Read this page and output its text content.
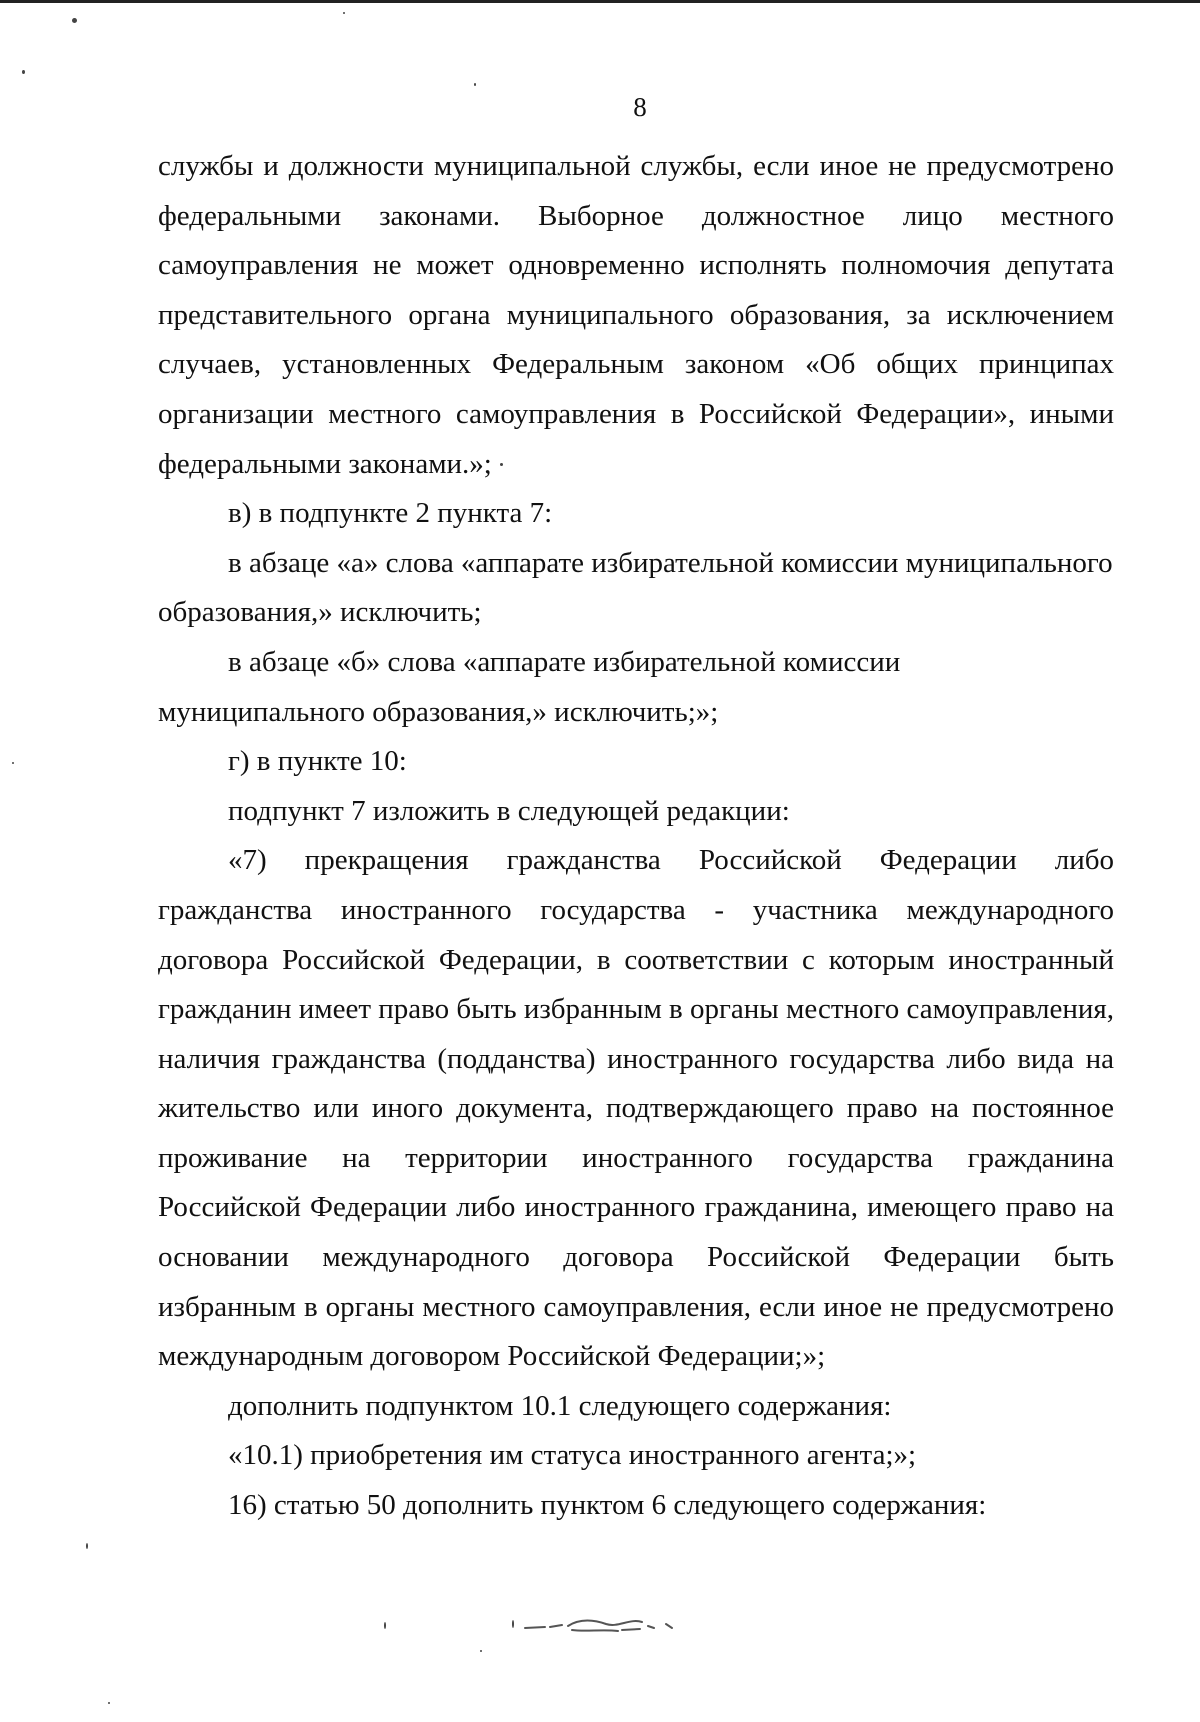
8

службы и должности муниципальной службы, если иное не предусмотрено федеральными законами. Выборное должностное лицо местного самоуправления не может одновременно исполнять полномочия депутата представительного органа муниципального образования, за исключением случаев, установленных Федеральным законом «Об общих принципах организации местного самоуправления в Российской Федерации», иными федеральными законами.»;

в) в подпункте 2 пункта 7:

в абзаце «а» слова «аппарате избирательной комиссии муниципального образования,» исключить;

в абзаце «б» слова «аппарате избирательной комиссии муниципального образования,» исключить;»;

г) в пункте 10:

подпункт 7 изложить в следующей редакции:

«7) прекращения гражданства Российской Федерации либо гражданства иностранного государства - участника международного договора Российской Федерации, в соответствии с которым иностранный гражданин имеет право быть избранным в органы местного самоуправления, наличия гражданства (подданства) иностранного государства либо вида на жительство или иного документа, подтверждающего право на постоянное проживание на территории иностранного государства гражданина Российской Федерации либо иностранного гражданина, имеющего право на основании международного договора Российской Федерации быть избранным в органы местного самоуправления, если иное не предусмотрено международным договором Российской Федерации;»;

дополнить подпунктом 10.1 следующего содержания:

«10.1) приобретения им статуса иностранного агента;»;

16) статью 50 дополнить пунктом 6 следующего содержания:
